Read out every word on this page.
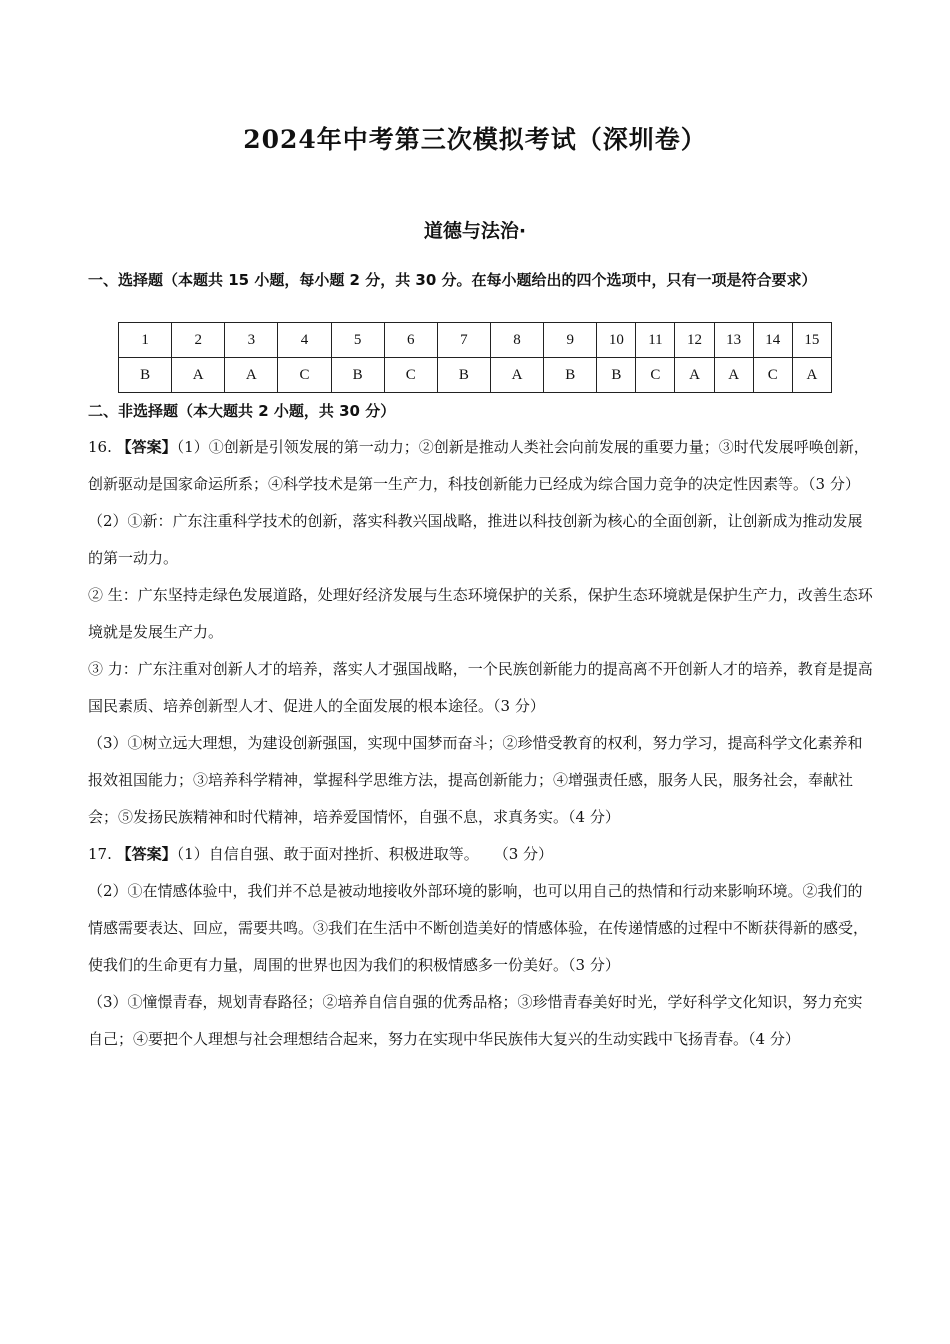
2024年中考第三次模拟考试（深圳卷）
道德与法治·
一、选择题（本题共 15 小题，每小题 2 分，共 30 分。在每小题给出的四个选项中，只有一项是符合要求）
1	2	3	4	5	6	7	8	9	10	11	12	13	14	15
B	A	A	C	B	C	B	A	B	B	C	A	A	C	A
二、非选择题（本大题共 2 小题，共 30 分）

16. 【答案】（1）①创新是引领发展的第一动力；②创新是推动人类社会向前发展的重要力量；③时代发展呼唤创新，创新驱动是国家命运所系；④科学技术是第一生产力，科技创新能力已经成为综合国力竞争的决定性因素等。（3 分）

（2）①新：广东注重科学技术的创新，落实科教兴国战略，推进以科技创新为核心的全面创新，让创新成为推动发展的第一动力。

② 生：广东坚持走绿色发展道路，处理好经济发展与生态环境保护的关系，保护生态环境就是保护生产力，改善生态环境就是发展生产力。

③ 力：广东注重对创新人才的培养，落实人才强国战略，一个民族创新能力的提高离不开创新人才的培养，教育是提高国民素质、培养创新型人才、促进人的全面发展的根本途径。（3 分）

（3）①树立远大理想，为建设创新强国，实现中国梦而奋斗；②珍惜受教育的权利，努力学习，提高科学文化素养和报效祖国能力；③培养科学精神，掌握科学思维方法，提高创新能力；④增强责任感，服务人民，服务社会，奉献社会；⑤发扬民族精神和时代精神，培养爱国情怀，自强不息，求真务实。（4 分）

17. 【答案】（1）自信自强、敢于面对挫折、积极进取等。　　（3 分）

（2）①在情感体验中，我们并不总是被动地接收外部环境的影响，也可以用自己的热情和行动来影响环境。②我们的情感需要表达、回应，需要共鸣。③我们在生活中不断创造美好的情感体验，在传递情感的过程中不断获得新的感受，使我们的生命更有力量，周围的世界也因为我们的积极情感多一份美好。（3 分）

（3）①憧憬青春，规划青春路径；②培养自信自强的优秀品格；③珍惜青春美好时光，学好科学文化知识，努力充实自己；④要把个人理想与社会理想结合起来，努力在实现中华民族伟大复兴的生动实践中飞扬青春。（4 分）
